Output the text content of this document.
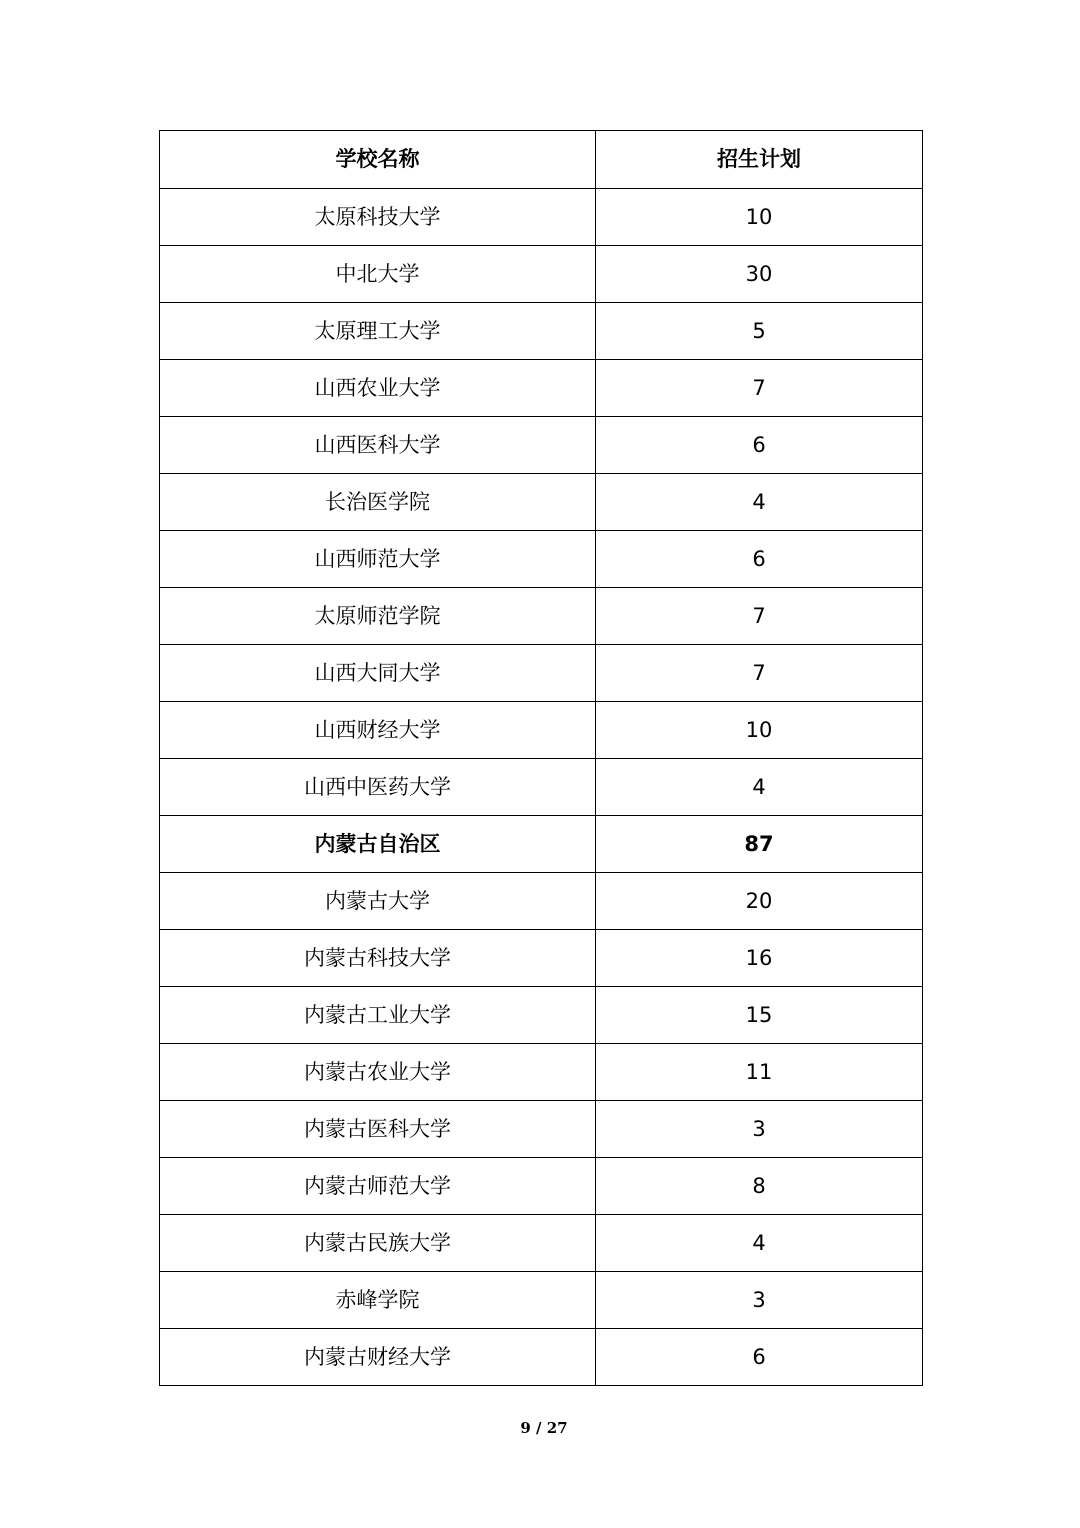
学校名称	招生计划
太原科技大学	10
中北大学	30
太原理工大学	5
山西农业大学	7
山西医科大学	6
长治医学院	4
山西师范大学	6
太原师范学院	7
山西大同大学	7
山西财经大学	10
山西中医药大学	4
内蒙古自治区	87
内蒙古大学	20
内蒙古科技大学	16
内蒙古工业大学	15
内蒙古农业大学	11
内蒙古医科大学	3
内蒙古师范大学	8
内蒙古民族大学	4
赤峰学院	3
内蒙古财经大学	6
9 / 27
